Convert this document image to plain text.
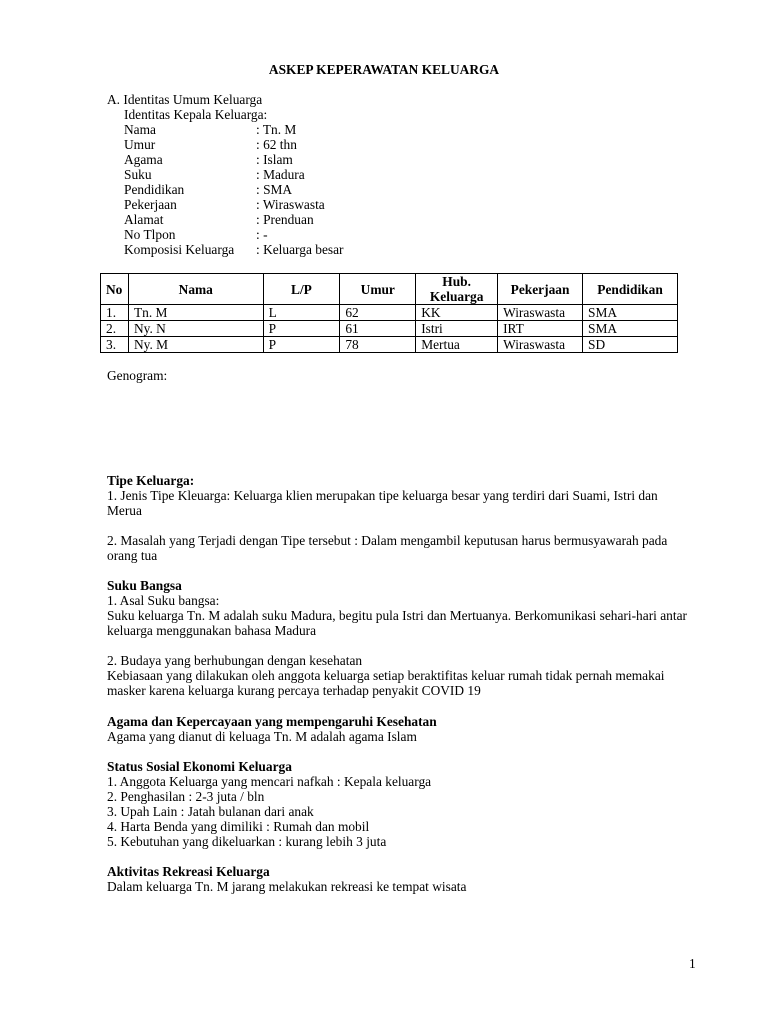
ASKEP KEPERAWATAN KELUARGA
A. Identitas Umum Keluarga
Identitas Kepala Keluarga:
Nama	: Tn. M
Umur	: 62 thn
Agama	: Islam
Suku	: Madura
Pendidikan	: SMA
Pekerjaan	: Wiraswasta
Alamat	: Prenduan
No Tlpon	: -
Komposisi Keluarga	: Keluarga besar
No	Nama	L/P	Umur	Hub. Keluarga	Pekerjaan	Pendidikan
1.	Tn. M	L	62	KK	Wiraswasta	SMA
2.	Ny. N	P	61	Istri	IRT	SMA
3.	Ny. M	P	78	Mertua	Wiraswasta	SD
Genogram:

Tipe Keluarga:

1. Jenis Tipe Kleuarga: Keluarga klien merupakan tipe keluarga besar yang terdiri dari Suami, Istri dan Merua

2. Masalah yang Terjadi dengan Tipe tersebut : Dalam mengambil keputusan harus bermusyawarah pada orang tua

Suku Bangsa

1. Asal Suku bangsa:

Suku keluarga Tn. M adalah suku Madura, begitu pula Istri dan Mertuanya. Berkomunikasi sehari-hari antar keluarga menggunakan bahasa Madura

2. Budaya yang berhubungan dengan kesehatan

Kebiasaan yang dilakukan oleh anggota keluarga setiap beraktifitas keluar rumah tidak pernah memakai masker karena keluarga kurang percaya terhadap penyakit COVID 19

Agama dan Kepercayaan yang mempengaruhi Kesehatan

Agama yang dianut di keluaga Tn. M adalah agama Islam

Status Sosial Ekonomi Keluarga

1. Anggota Keluarga yang mencari nafkah : Kepala keluarga

2. Penghasilan : 2-3 juta / bln

3. Upah Lain : Jatah bulanan dari anak

4. Harta Benda yang dimiliki : Rumah dan mobil

5. Kebutuhan yang dikeluarkan : kurang lebih 3 juta

Aktivitas Rekreasi Keluarga

Dalam keluarga Tn. M jarang melakukan rekreasi ke tempat wisata

1
